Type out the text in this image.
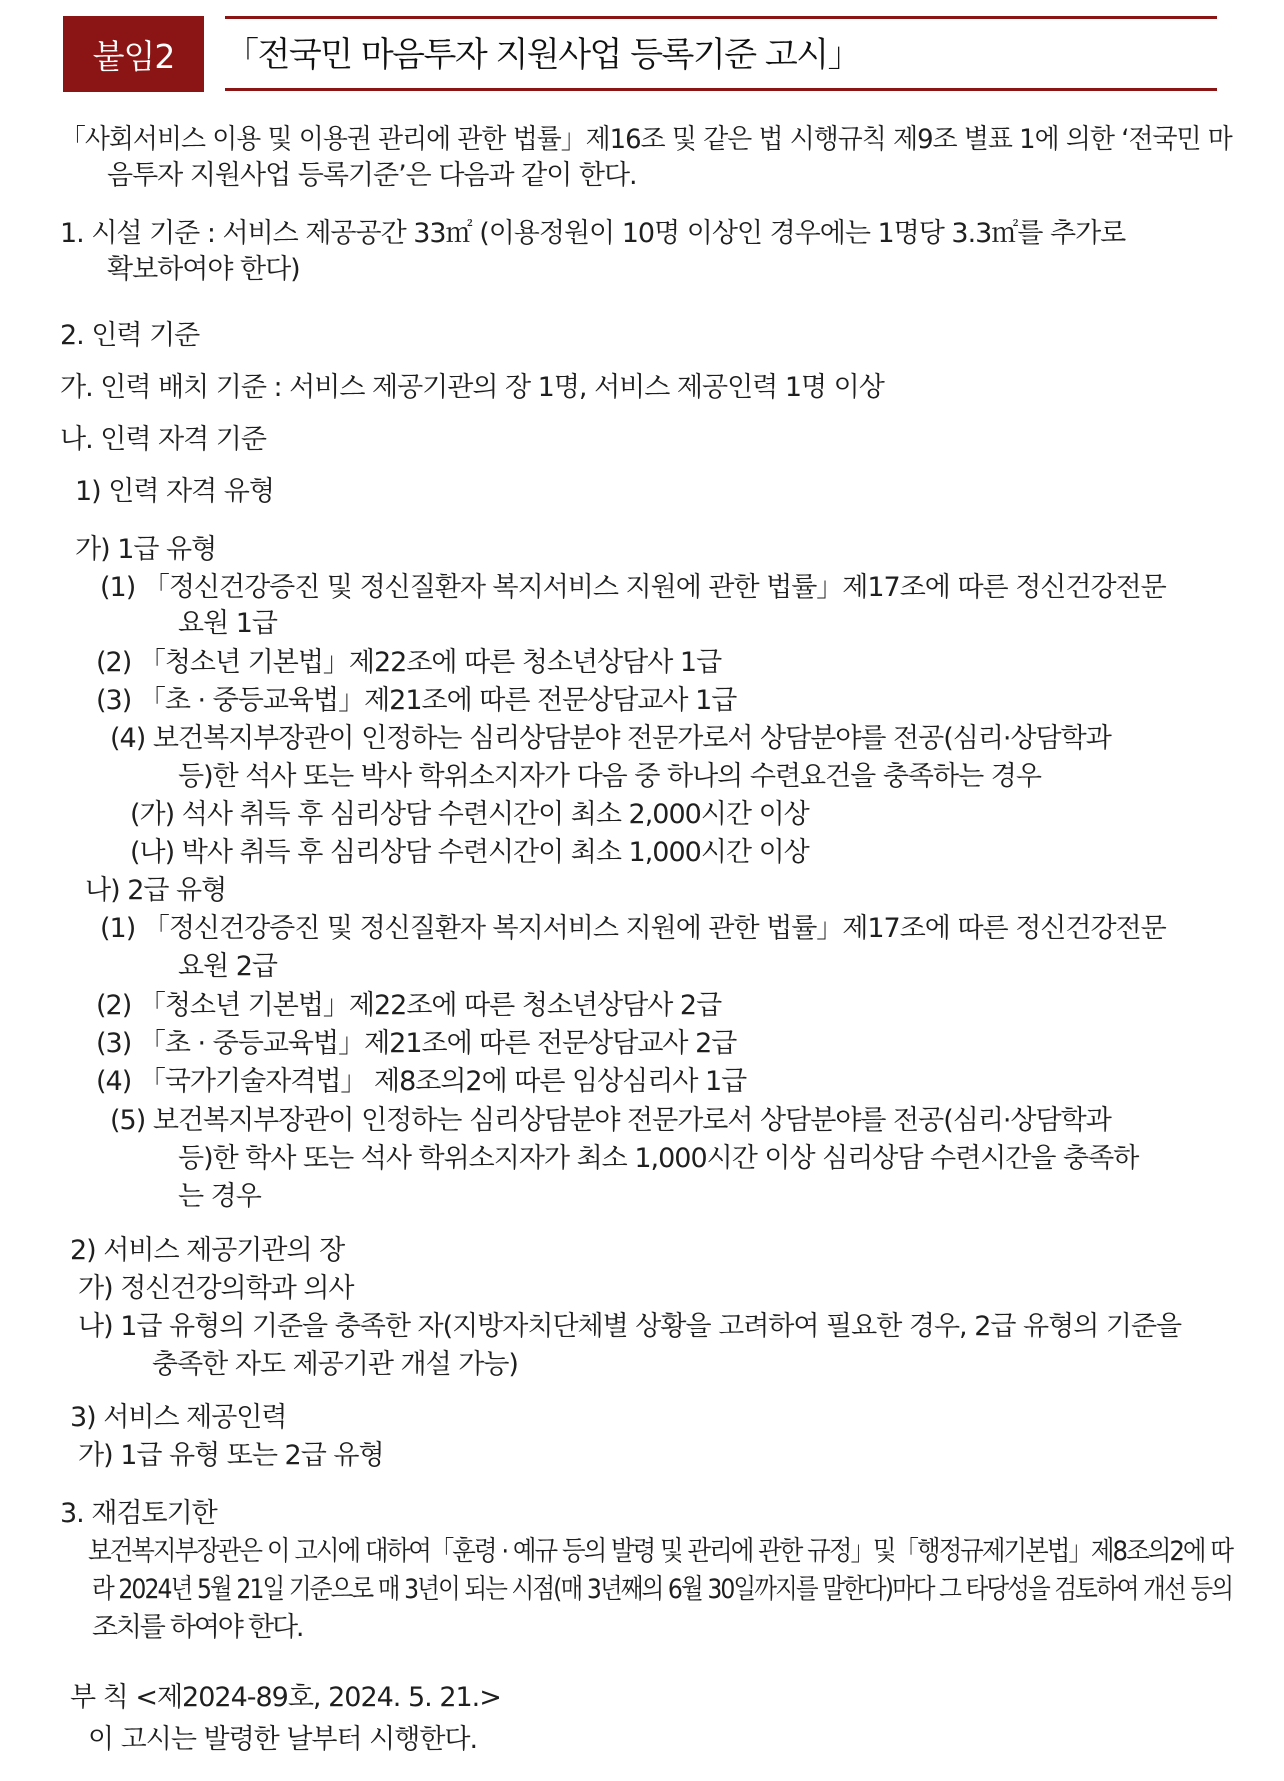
붙임2	「전국민 마음투자 지원사업 등록기준 고시」
「사회서비스 이용 및 이용권 관리에 관한 법률」제16조 및 같은 법 시행규칙 제9조 별표 1에 의한 ‘전국민 마
음투자 지원사업 등록기준’은 다음과 같이 한다.
1. 시설 기준 : 서비스 제공공간 33㎡ (이용정원이 10명 이상인 경우에는 1명당 3.3㎡를 추가로
확보하여야 한다)
2. 인력 기준
가. 인력 배치 기준 : 서비스 제공기관의 장 1명, 서비스 제공인력 1명 이상
나. 인력 자격 기준
1) 인력 자격 유형
가) 1급 유형
(1) 「정신건강증진 및 정신질환자 복지서비스 지원에 관한 법률」제17조에 따른 정신건강전문
요원 1급
(2) 「청소년 기본법」제22조에 따른 청소년상담사 1급
(3) 「초 · 중등교육법」제21조에 따른 전문상담교사 1급
(4) 보건복지부장관이 인정하는 심리상담분야 전문가로서 상담분야를 전공(심리·상담학과
등)한 석사 또는 박사 학위소지자가 다음 중 하나의 수련요건을 충족하는 경우
(가) 석사 취득 후 심리상담 수련시간이 최소 2,000시간 이상
(나) 박사 취득 후 심리상담 수련시간이 최소 1,000시간 이상
나) 2급 유형
(1) 「정신건강증진 및 정신질환자 복지서비스 지원에 관한 법률」제17조에 따른 정신건강전문
요원 2급
(2) 「청소년 기본법」제22조에 따른 청소년상담사 2급
(3) 「초 · 중등교육법」제21조에 따른 전문상담교사 2급
(4) 「국가기술자격법」 제8조의2에 따른 임상심리사 1급
(5) 보건복지부장관이 인정하는 심리상담분야 전문가로서 상담분야를 전공(심리·상담학과
등)한 학사 또는 석사 학위소지자가 최소 1,000시간 이상 심리상담 수련시간을 충족하
는 경우
2) 서비스 제공기관의 장
가) 정신건강의학과 의사
나) 1급 유형의 기준을 충족한 자(지방자치단체별 상황을 고려하여 필요한 경우, 2급 유형의 기준을
충족한 자도 제공기관 개설 가능)
3) 서비스 제공인력
가) 1급 유형 또는 2급 유형
3. 재검토기한
보건복지부장관은 이 고시에 대하여「훈령 · 예규 등의 발령 및 관리에 관한 규정」및「행정규제기본법」제8조의2에 따
라 2024년 5월 21일 기준으로 매 3년이 되는 시점(매 3년째의 6월 30일까지를 말한다)마다 그 타당성을 검토하여 개선 등의
조치를 하여야 한다.
부 칙 <제2024-89호, 2024. 5. 21.>
이 고시는 발령한 날부터 시행한다.
